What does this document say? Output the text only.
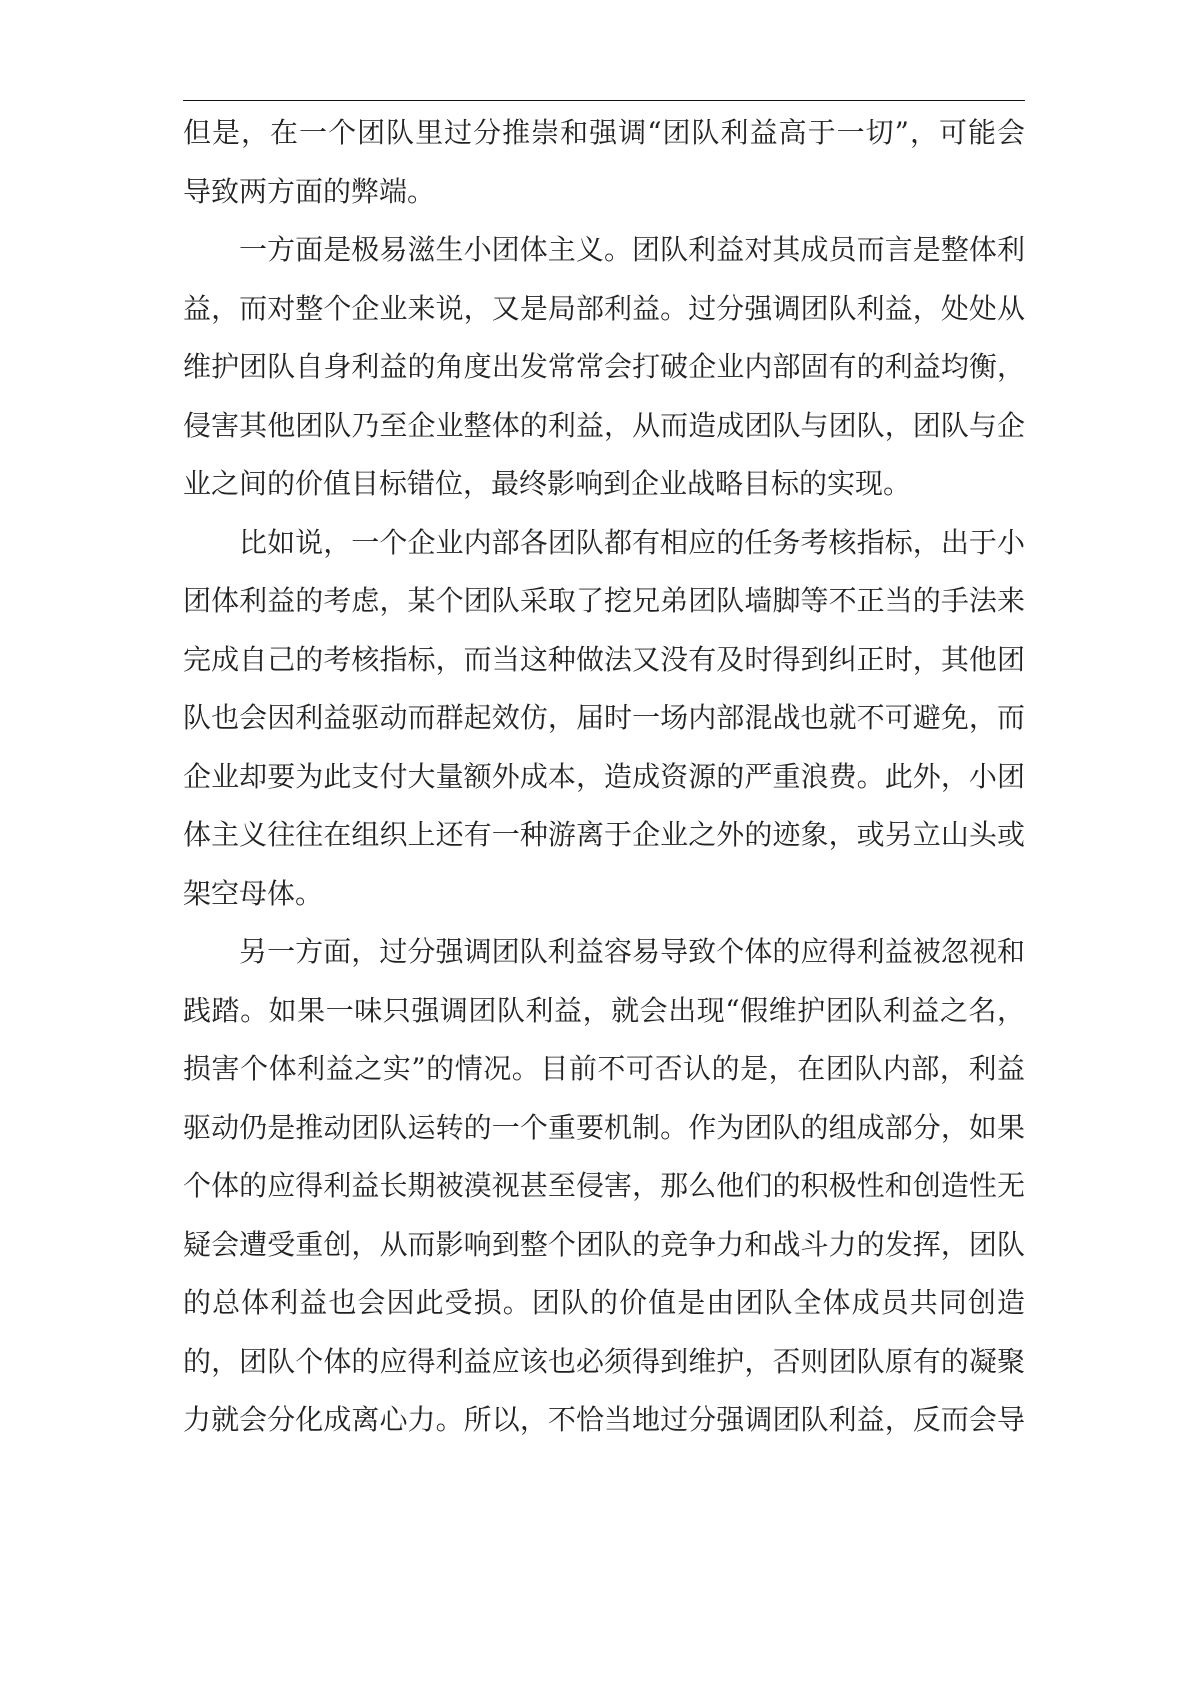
但是，在一个团队里过分推崇和强调“团队利益高于一切”，可能会
导致两方面的弊端。
一方面是极易滋生小团体主义。团队利益对其成员而言是整体利
益，而对整个企业来说，又是局部利益。过分强调团队利益，处处从
维护团队自身利益的角度出发常常会打破企业内部固有的利益均衡，
侵害其他团队乃至企业整体的利益，从而造成团队与团队，团队与企
业之间的价值目标错位，最终影响到企业战略目标的实现。
比如说，一个企业内部各团队都有相应的任务考核指标，出于小
团体利益的考虑，某个团队采取了挖兄弟团队墙脚等不正当的手法来
完成自己的考核指标，而当这种做法又没有及时得到纠正时，其他团
队也会因利益驱动而群起效仿，届时一场内部混战也就不可避免，而
企业却要为此支付大量额外成本，造成资源的严重浪费。此外，小团
体主义往往在组织上还有一种游离于企业之外的迹象，或另立山头或
架空母体。
另一方面，过分强调团队利益容易导致个体的应得利益被忽视和
践踏。如果一味只强调团队利益，就会出现“假维护团队利益之名，
损害个体利益之实”的情况。目前不可否认的是，在团队内部，利益
驱动仍是推动团队运转的一个重要机制。作为团队的组成部分，如果
个体的应得利益长期被漠视甚至侵害，那么他们的积极性和创造性无
疑会遭受重创，从而影响到整个团队的竞争力和战斗力的发挥，团队
的总体利益也会因此受损。团队的价值是由团队全体成员共同创造
的，团队个体的应得利益应该也必须得到维护，否则团队原有的凝聚
力就会分化成离心力。所以，不恰当地过分强调团队利益，反而会导
